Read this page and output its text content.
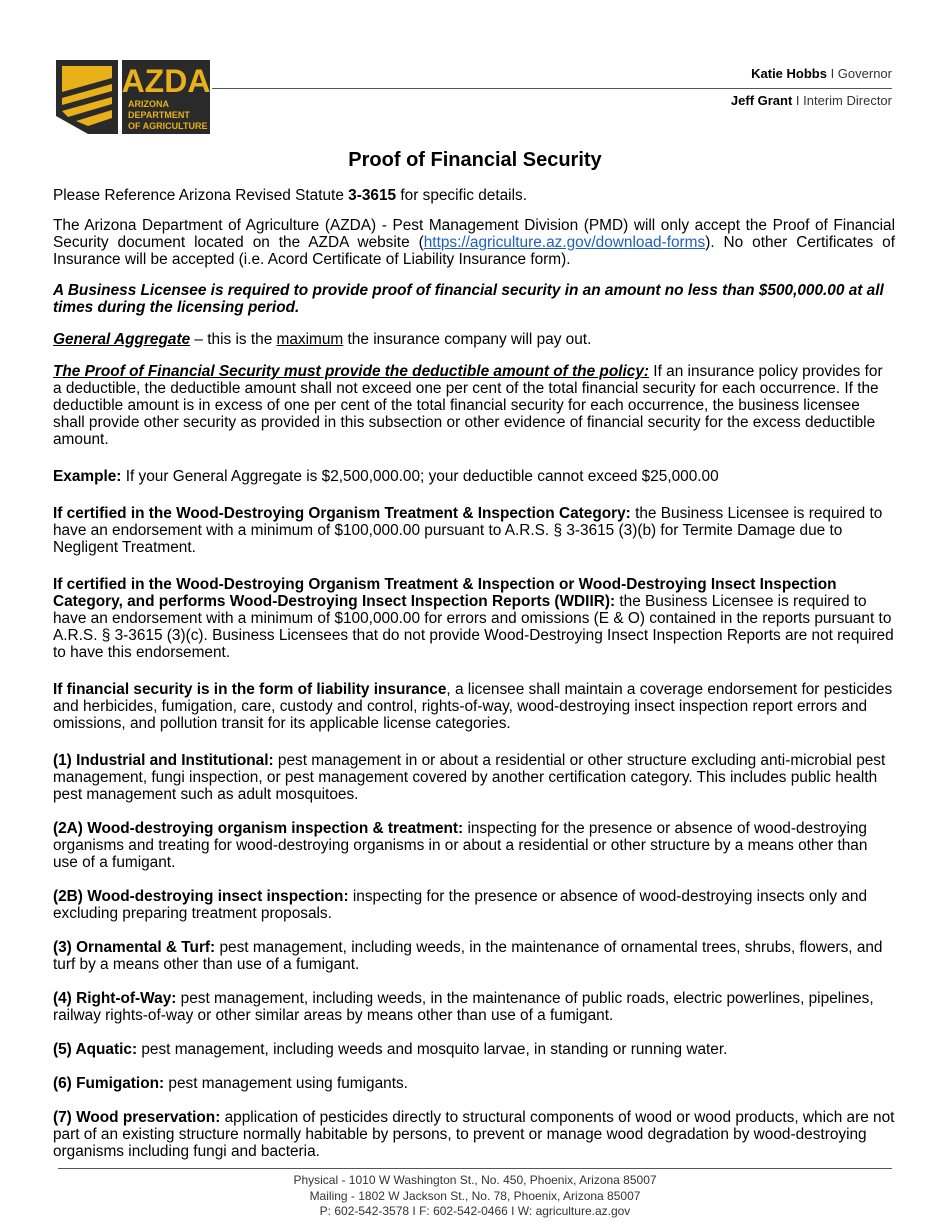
AZDA
ARIZONA
DEPARTMENT
OF AGRICULTURE
Katie Hobbs I Governor
Jeff Grant I Interim Director
Proof of Financial Security

Please Reference Arizona Revised Statute 3-3615 for specific details.

The Arizona Department of Agriculture (AZDA) - Pest Management Division (PMD) will only accept the Proof of Financial Security document located on the AZDA website (https://agriculture.az.gov/download-forms). No other Certificates of Insurance will be accepted (i.e. Acord Certificate of Liability Insurance form).

A Business Licensee is required to provide proof of financial security in an amount no less than $500,000.00 at all times during the licensing period.

General Aggregate – this is the maximum the insurance company will pay out.

The Proof of Financial Security must provide the deductible amount of the policy: If an insurance policy provides for a deductible, the deductible amount shall not exceed one per cent of the total financial security for each occurrence. If the deductible amount is in excess of one per cent of the total financial security for each occurrence, the business licensee shall provide other security as provided in this subsection or other evidence of financial security for the excess deductible amount.

Example: If your General Aggregate is $2,500,000.00; your deductible cannot exceed $25,000.00

If certified in the Wood-Destroying Organism Treatment & Inspection Category: the Business Licensee is required to have an endorsement with a minimum of $100,000.00 pursuant to A.R.S. § 3-3615 (3)(b) for Termite Damage due to Negligent Treatment.

If certified in the Wood-Destroying Organism Treatment & Inspection or Wood-Destroying Insect Inspection Category, and performs Wood-Destroying Insect Inspection Reports (WDIIR): the Business Licensee is required to have an endorsement with a minimum of $100,000.00 for errors and omissions (E & O) contained in the reports pursuant to A.R.S. § 3-3615 (3)(c). Business Licensees that do not provide Wood-Destroying Insect Inspection Reports are not required to have this endorsement.

If financial security is in the form of liability insurance, a licensee shall maintain a coverage endorsement for pesticides and herbicides, fumigation, care, custody and control, rights-of-way, wood-destroying insect inspection report errors and omissions, and pollution transit for its applicable license categories.

(1) Industrial and Institutional: pest management in or about a residential or other structure excluding anti-microbial pest management, fungi inspection, or pest management covered by another certification category. This includes public health pest management such as adult mosquitoes.

(2A) Wood-destroying organism inspection & treatment: inspecting for the presence or absence of wood-destroying organisms and treating for wood-destroying organisms in or about a residential or other structure by a means other than use of a fumigant.

(2B) Wood-destroying insect inspection: inspecting for the presence or absence of wood-destroying insects only and excluding preparing treatment proposals.

(3) Ornamental & Turf: pest management, including weeds, in the maintenance of ornamental trees, shrubs, flowers, and turf by a means other than use of a fumigant.

(4) Right-of-Way: pest management, including weeds, in the maintenance of public roads, electric powerlines, pipelines, railway rights-of-way or other similar areas by means other than use of a fumigant.

(5) Aquatic: pest management, including weeds and mosquito larvae, in standing or running water.

(6) Fumigation: pest management using fumigants.

(7) Wood preservation: application of pesticides directly to structural components of wood or wood products, which are not part of an existing structure normally habitable by persons, to prevent or manage wood degradation by wood-destroying organisms including fungi and bacteria.

Physical - 1010 W Washington St., No. 450, Phoenix, Arizona 85007
Mailing - 1802 W Jackson St., No. 78, Phoenix, Arizona 85007
P: 602-542-3578 I F: 602-542-0466 I W: agriculture.az.gov
